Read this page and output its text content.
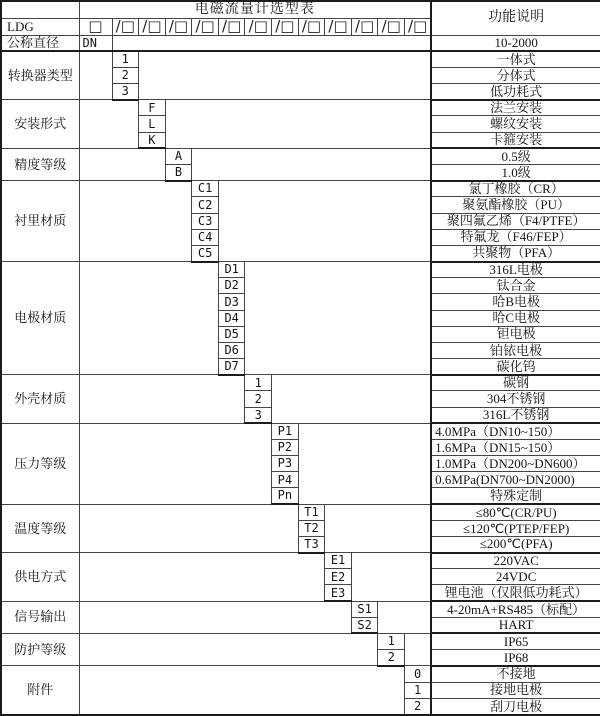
	电磁流量计选型表													功能说明
LDG	□	/□	/□	/□	/□	/□	/□	/□	/□	/□	/□	/□	/□	
公称直径	DN													10-2000
转换器类型		1												一体式
		2												分体式
		3												低功耗式
安装形式			F											法兰安装
			L											螺纹安装
			K											卡箍安装
精度等级				A										0.5级
				B										1.0级
衬里材质					C1									氯丁橡胶（CR）
					C2									聚氨酯橡胶（PU）
					C3									聚四氟乙烯（F4/PTFE）
					C4									特氟龙（F46/FEP）
					C5									共聚物（PFA）
电极材质						D1								316L电极
						D2								钛合金
						D3								哈B电极
						D4								哈C电极
						D5								钽电极
						D6								铂铱电极
						D7								碳化钨
外壳材质							1							碳钢
							2							304不锈钢
							3							316L不锈钢
压力等级								P1						4.0MPa（DN10~150）
								P2						1.6MPa（DN15~150）
								P3						1.0MPa（DN200~DN600）
								P4						0.6MPa(DN700~DN2000)
								Pn						特殊定制
温度等级									T1					≤80℃(CR/PU)
									T2					≤120℃(PTEP/FEP)
									T3					≤200℃(PFA)
供电方式										E1				220VAC
										E2				24VDC
										E3				锂电池（仅限低功耗式）
信号输出											S1			4-20mA+RS485（标配）
											S2			HART
防护等级												1		IP65
												2		IP68
附件													0	不接地
													1	接地电极
													2	刮刀电极
